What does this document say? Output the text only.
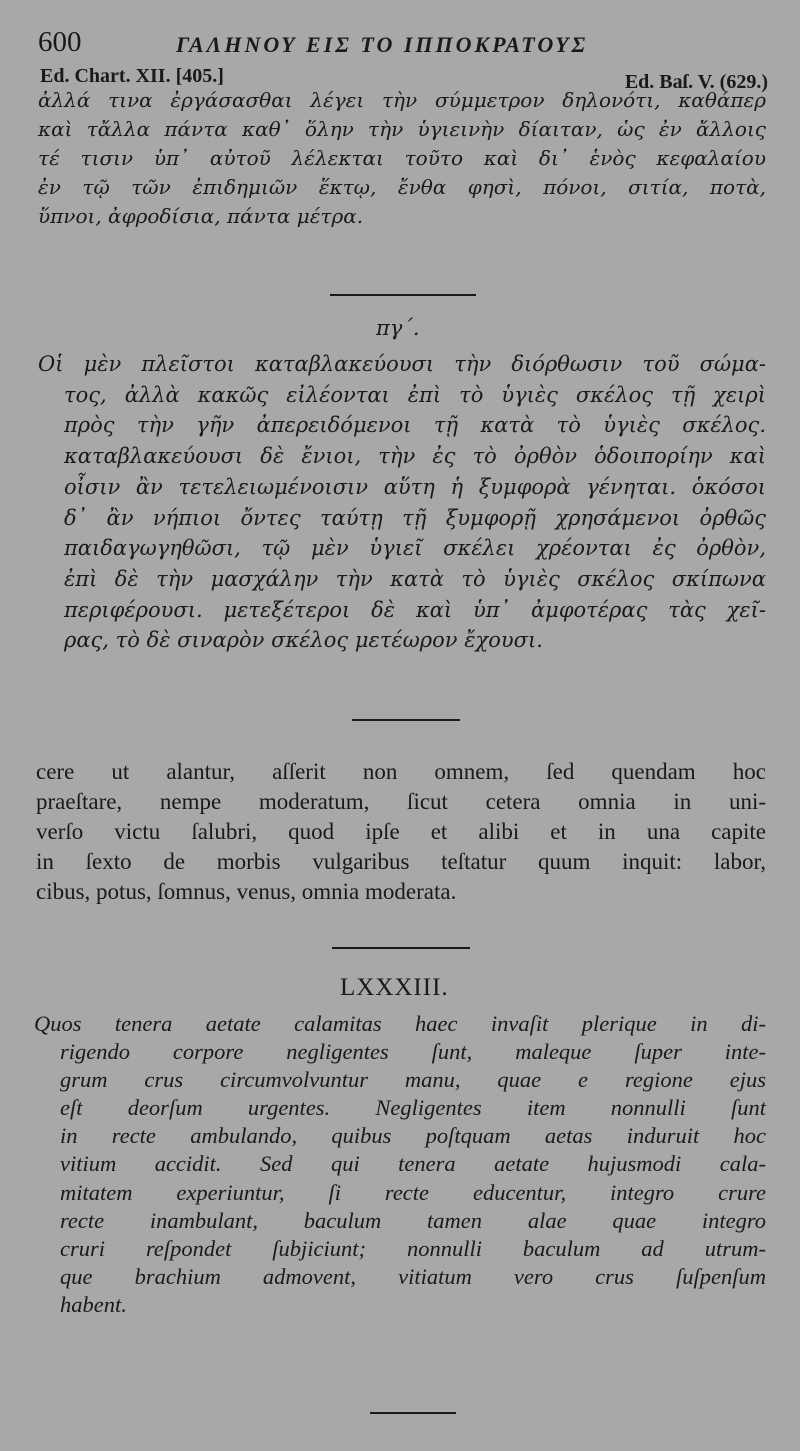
600	ΓΑΛΗΝΟΥ ΕΙΣ ΤΟ ΙΠΠΟΚΡΑΤΟΥΣ
Ed. Chart. XII. [405.]	Ed. Baſ. V. (629.)
ἀλλά τινα ἐργάσασθαι λέγει τὴν σύμμετρον δηλονότι, καθάπερ
καὶ τἄλλα πάντα καθ᾽ ὅλην τὴν ὑγιεινὴν δίαιταν, ὡς ἐν ἄλλοις
τέ τισιν ὑπ᾽ αὐτοῦ λέλεκται τοῦτο καὶ δι᾽ ἑνὸς κεφαλαίου
ἐν τῷ τῶν ἐπιδημιῶν ἕκτῳ, ἔνθα φησὶ, πόνοι, σιτία, ποτὰ,
ὕπνοι, ἀφροδίσια, πάντα μέτρα.
πγ΄.
Οἱ μὲν πλεῖστοι καταβλακεύουσι τὴν διόρθωσιν τοῦ σώμα-
τος, ἀλλὰ κακῶς εἰλέονται ἐπὶ τὸ ὑγιὲς σκέλος τῇ χειρὶ
πρὸς τὴν γῆν ἀπερειδόμενοι τῇ κατὰ τὸ ὑγιὲς σκέλος.
καταβλακεύουσι δὲ ἔνιοι, τὴν ἐς τὸ ὀρθὸν ὁδοιπορίην καὶ
οἶσιν ἂν τετελειωμένοισιν αὕτη ἡ ξυμφορὰ γένηται. ὁκόσοι
δ᾽ ἂν νήπιοι ὄντες ταύτῃ τῇ ξυμφορῇ χρησάμενοι ὀρθῶς
παιδαγωγηθῶσι, τῷ μὲν ὑγιεῖ σκέλει χρέονται ἐς ὀρθὸν,
ἐπὶ δὲ τὴν μασχάλην τὴν κατὰ τὸ ὑγιὲς σκέλος σκίπωνα
περιφέρουσι. μετεξέτεροι δὲ καὶ ὑπ᾽ ἀμφοτέρας τὰς χεῖ-
ρας, τὸ δὲ σιναρὸν σκέλος μετέωρον ἔχουσι.
cere ut alantur, aſſerit non omnem, ſed quendam hoc
praeſtare, nempe moderatum, ſicut cetera omnia in uni-
verſo victu ſalubri, quod ipſe et alibi et in una capite
in ſexto de morbis vulgaribus teſtatur quum inquit: labor,
cibus, potus, ſomnus, venus, omnia moderata.
LXXXIII.
Quos tenera aetate calamitas haec invaſit plerique in di-
rigendo corpore negligentes ſunt, maleque ſuper inte-
grum crus circumvolvuntur manu, quae e regione ejus
eſt deorſum urgentes. Negligentes item nonnulli ſunt
in recte ambulando, quibus poſtquam aetas induruit hoc
vitium accidit. Sed qui tenera aetate hujusmodi cala-
mitatem experiuntur, ſi recte educentur, integro crure
recte inambulant, baculum tamen alae quae integro
cruri reſpondet ſubjiciunt; nonnulli baculum ad utrum-
que brachium admovent, vitiatum vero crus ſuſpenſum
habent.
